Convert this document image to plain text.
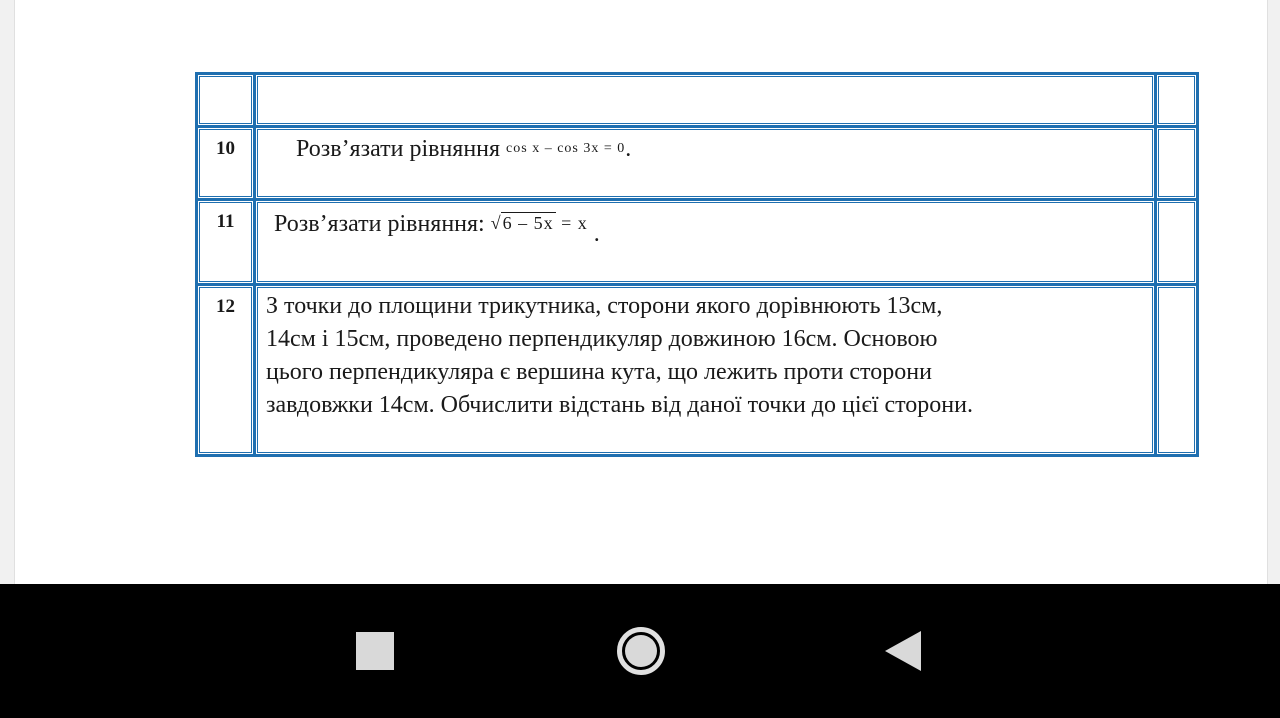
10	Розв’язати рівняння cos x – cos 3x = 0.	

11	Розв’язати рівняння: √6 – 5x = x .	

12	З точки до площини трикутника, сторони якого дорівнюють 13см,
14см і 15см, проведено перпендикуляр довжиною 16см. Основою
цього перпендикуляра є вершина кута, що лежить проти сторони
завдовжки 14см. Обчислити відстань від даної точки до цієї сторони.	
